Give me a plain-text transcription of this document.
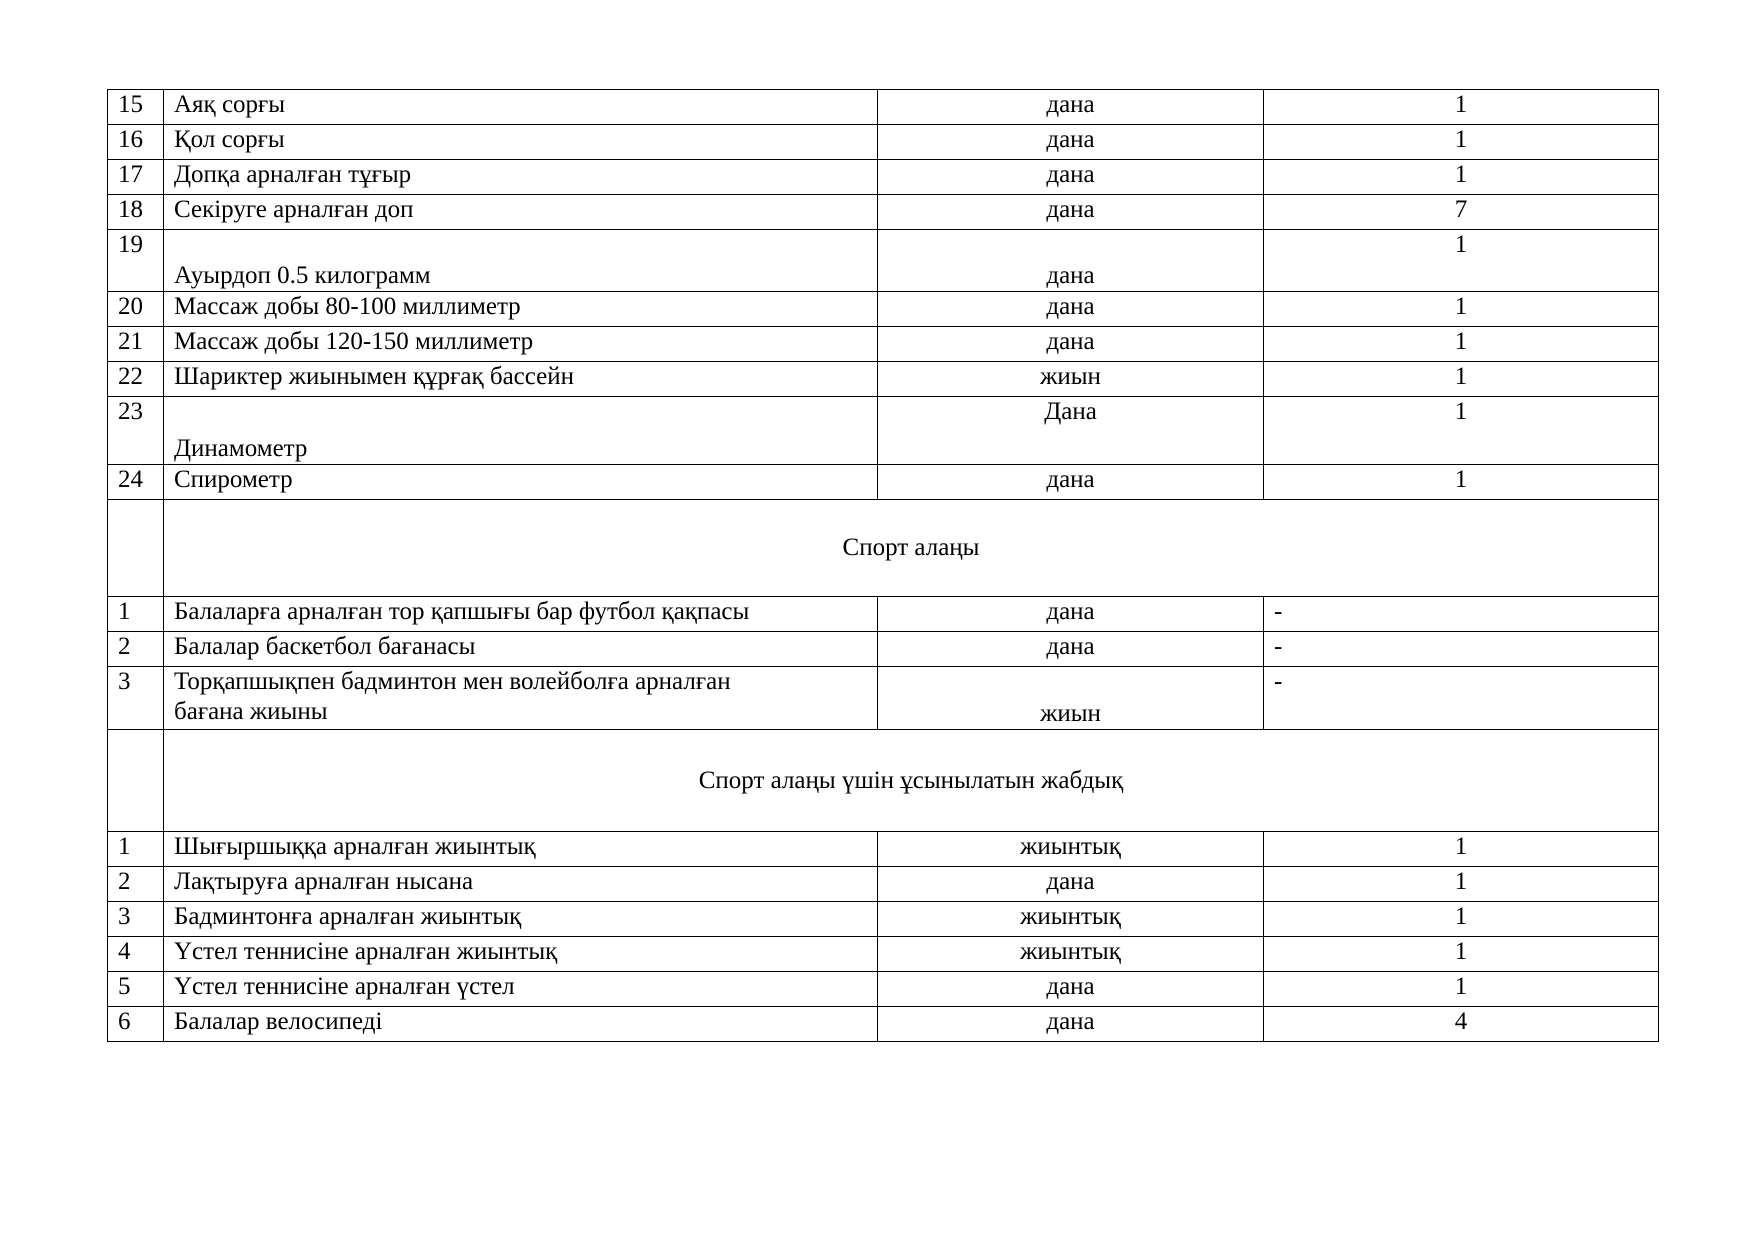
15	Аяқ сорғы	дана	1
16	Қол сорғы	дана	1
17	Допқа арналған тұғыр	дана	1
18	Секіруге арналған доп	дана	7
19	Ауырдоп 0.5 килограмм	дана	1
20	Массаж добы 80-100 миллиметр	дана	1
21	Массаж добы 120-150 миллиметр	дана	1
22	Шариктер жиынымен құрғақ бассейн	жиын	1
23	Динамометр	Дана	1
24	Спирометр	дана	1
	Спорт алаңы		
1	Балаларға арналған тор қапшығы бар футбол қақпасы	дана	-
2	Балалар баскетбол бағанасы	дана	-
3	Торқапшықпен бадминтон мен волейболға арналған
бағана жиыны	жиын	-
	Спорт алаңы үшін ұсынылатын жабдық		
1	Шығыршыққа арналған жиынтық	жиынтық	1
2	Лақтыруға арналған нысана	дана	1
3	Бадминтонға арналған жиынтық	жиынтық	1
4	Үстел теннисіне арналған жиынтық	жиынтық	1
5	Үстел теннисіне арналған үстел	дана	1
6	Балалар велосипеді	дана	4
